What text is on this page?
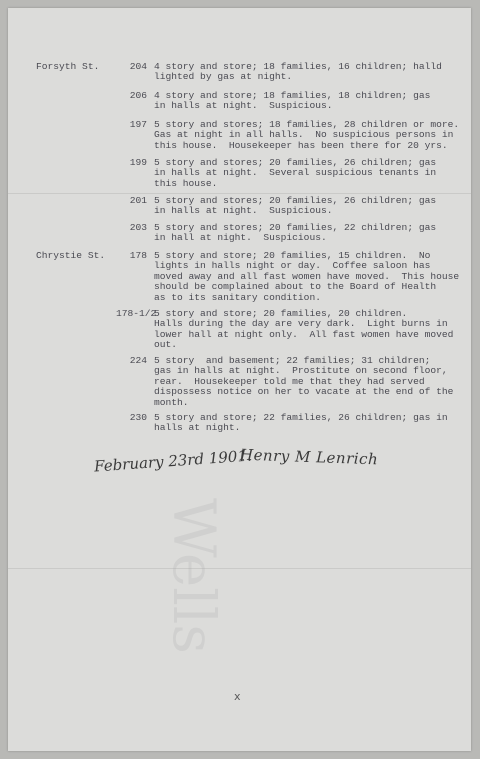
Wells
Forsyth St.	204 4 story and store; 18 families, 16 children; halld
lighted by gas at night.
206 4 story and store; 18 families, 18 children; gas
in halls at night.  Suspicious.
197 5 story and stores; 18 families, 28 children or more.
Gas at night in all halls.  No suspicious persons in
this house.  Housekeeper has been there for 20 yrs.
199 5 story and stores; 20 families, 26 children; gas
in halls at night.  Several suspicious tenants in
this house.
201 5 story and stores; 20 families, 26 children; gas
in halls at night.  Suspicious.
203 5 story and stores; 20 families, 22 children; gas
in hall at night.  Suspicious.
Chrystie St.	178 5 story and store; 20 families, 15 children.  No
lights in halls night or day.  Coffee saloon has
moved away and all fast women have moved.  This house
should be complained about to the Board of Health
as to its sanitary condition.
178-1/2
5 story and store; 20 families, 20 children.
Halls during the day are very dark.  Light burns in
lower hall at night only.  All fast women have moved
out.
224 5 story  and basement; 22 families; 31 children;
gas in halls at night.  Prostitute on second floor,
rear.  Housekeeper told me that they had served
dispossess notice on her to vacate at the end of the
month.
230 5 story and store; 22 families, 26 children; gas in
halls at night.
February 23rd 1901.
Henry M Lenrich
x
